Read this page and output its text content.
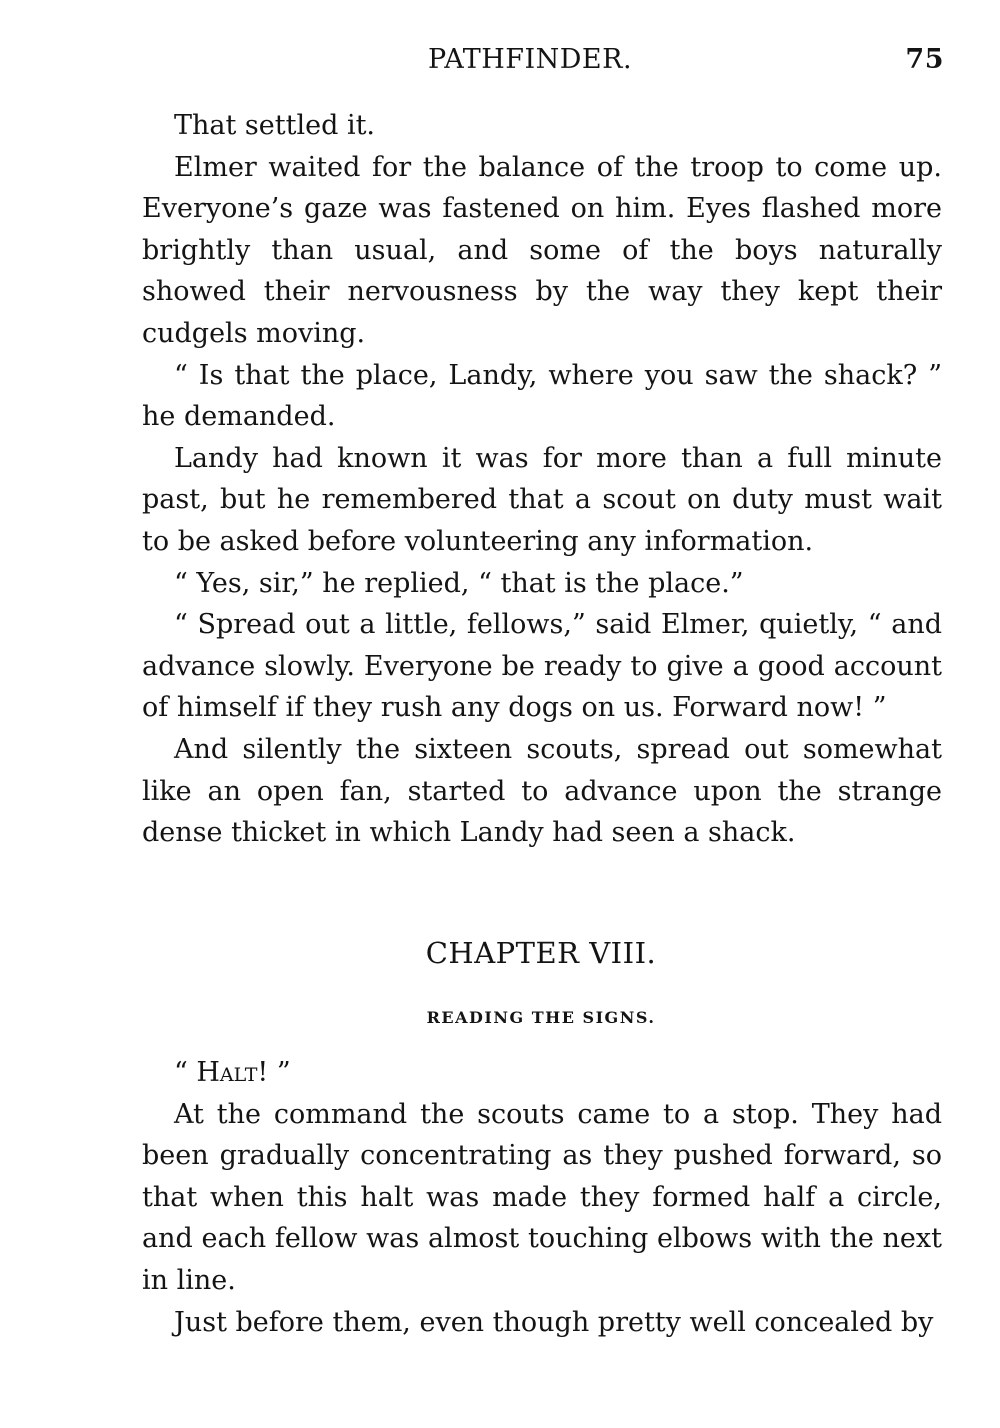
PATHFINDER.	75

That settled it.

Elmer waited for the balance of the troop to come up. Everyone’s gaze was fastened on him. Eyes flashed more brightly than usual, and some of the boys naturally showed their nervousness by the way they kept their cudgels moving.

“ Is that the place, Landy, where you saw the shack? ” he demanded.

Landy had known it was for more than a full minute past, but he remembered that a scout on duty must wait to be asked before volunteering any information.

“ Yes, sir,” he replied, “ that is the place.”

“ Spread out a little, fellows,” said Elmer, quietly, “ and advance slowly. Everyone be ready to give a good account of himself if they rush any dogs on us. Forward now! ”

And silently the sixteen scouts, spread out somewhat like an open fan, started to advance upon the strange dense thicket in which Landy had seen a shack.

CHAPTER VIII.
READING THE SIGNS.

“ Halt! ”

At the command the scouts came to a stop. They had been gradually concentrating as they pushed forward, so that when this halt was made they formed half a circle, and each fellow was almost touching elbows with the next in line.

Just before them, even though pretty well concealed by
